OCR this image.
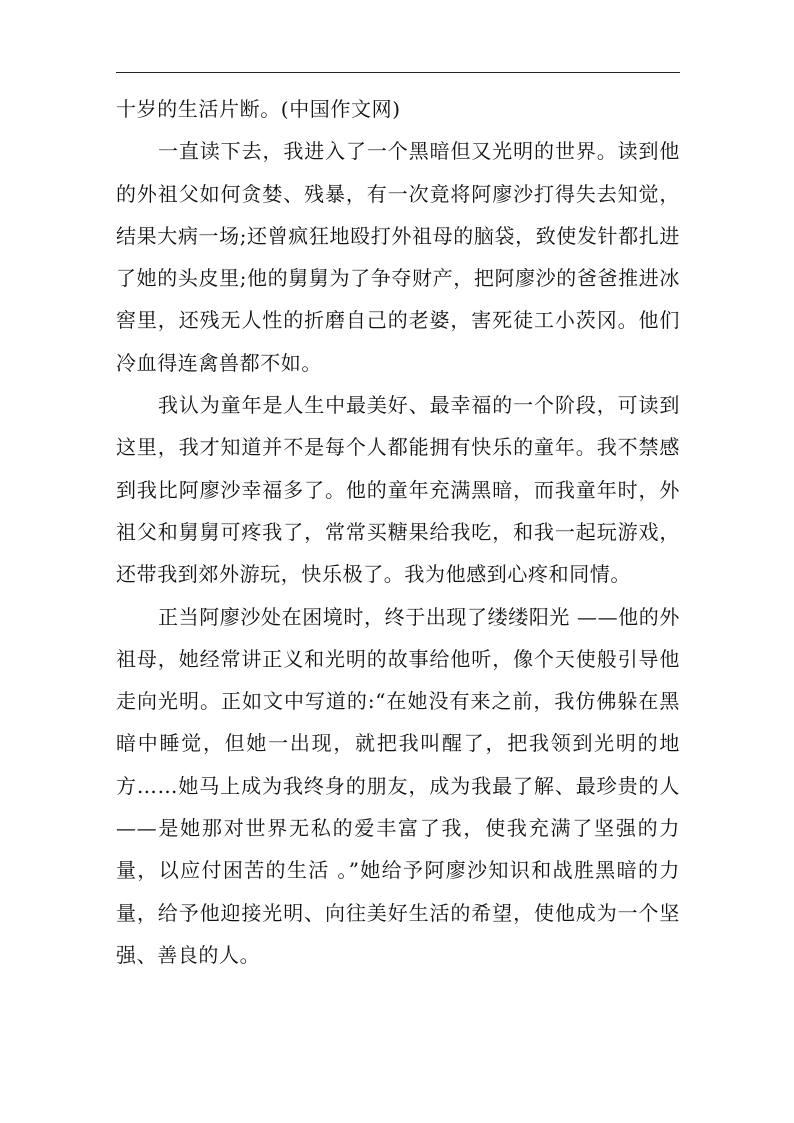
十岁的生活片断。(中国作文网)

一直读下去，我进入了一个黑暗但又光明的世界。读到他的外祖父如何贪婪、残暴，有一次竟将阿廖沙打得失去知觉，结果大病一场;还曾疯狂地殴打外祖母的脑袋，致使发针都扎进了她的头皮里;他的舅舅为了争夺财产，把阿廖沙的爸爸推进冰窖里，还残无人性的折磨自己的老婆，害死徒工小茨冈。他们冷血得连禽兽都不如。

我认为童年是人生中最美好、最幸福的一个阶段，可读到这里，我才知道并不是每个人都能拥有快乐的童年。我不禁感到我比阿廖沙幸福多了。他的童年充满黑暗，而我童年时，外祖父和舅舅可疼我了，常常买糖果给我吃，和我一起玩游戏，还带我到郊外游玩，快乐极了。我为他感到心疼和同情。

正当阿廖沙处在困境时，终于出现了缕缕阳光 ——他的外祖母，她经常讲正义和光明的故事给他听，像个天使般引导他走向光明。正如文中写道的:“在她没有来之前，我仿佛躲在黑暗中睡觉，但她一出现，就把我叫醒了，把我领到光明的地方……她马上成为我终身的朋友，成为我最了解、最珍贵的人——是她那对世界无私的爱丰富了我，使我充满了坚强的力量，以应付困苦的生活 。”她给予阿廖沙知识和战胜黑暗的力量，给予他迎接光明、向往美好生活的希望，使他成为一个坚强、善良的人。
